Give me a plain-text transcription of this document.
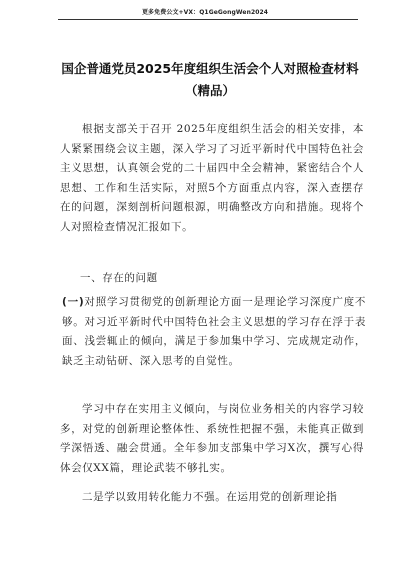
更多免费公文+VX：Q1GeGongWen2024
国企普通党员2025年度组织生活会个人对照检查材料（精品）

根据支部关于召开 2025年度组织生活会的相关安排，本人紧紧围绕会议主题，深入学习了习近平新时代中国特色社会主义思想，认真领会党的二十届四中全会精神，紧密结合个人思想、工作和生活实际，对照5个方面重点内容，深入查摆存在的问题，深刻剖析问题根源，明确整改方向和措施。现将个人对照检查情况汇报如下。

一、存在的问题

(一)对照学习贯彻党的创新理论方面一是理论学习深度广度不够。对习近平新时代中国特色社会主义思想的学习存在浮于表面、浅尝辄止的倾向，满足于参加集中学习、完成规定动作，缺乏主动钻研、深入思考的自觉性。

学习中存在实用主义倾向，与岗位业务相关的内容学习较多，对党的创新理论整体性、系统性把握不强，未能真正做到学深悟透、融会贯通。全年参加支部集中学习X次，撰写心得体会仅XX篇，理论武装不够扎实。

二是学以致用转化能力不强。在运用党的创新理论指
